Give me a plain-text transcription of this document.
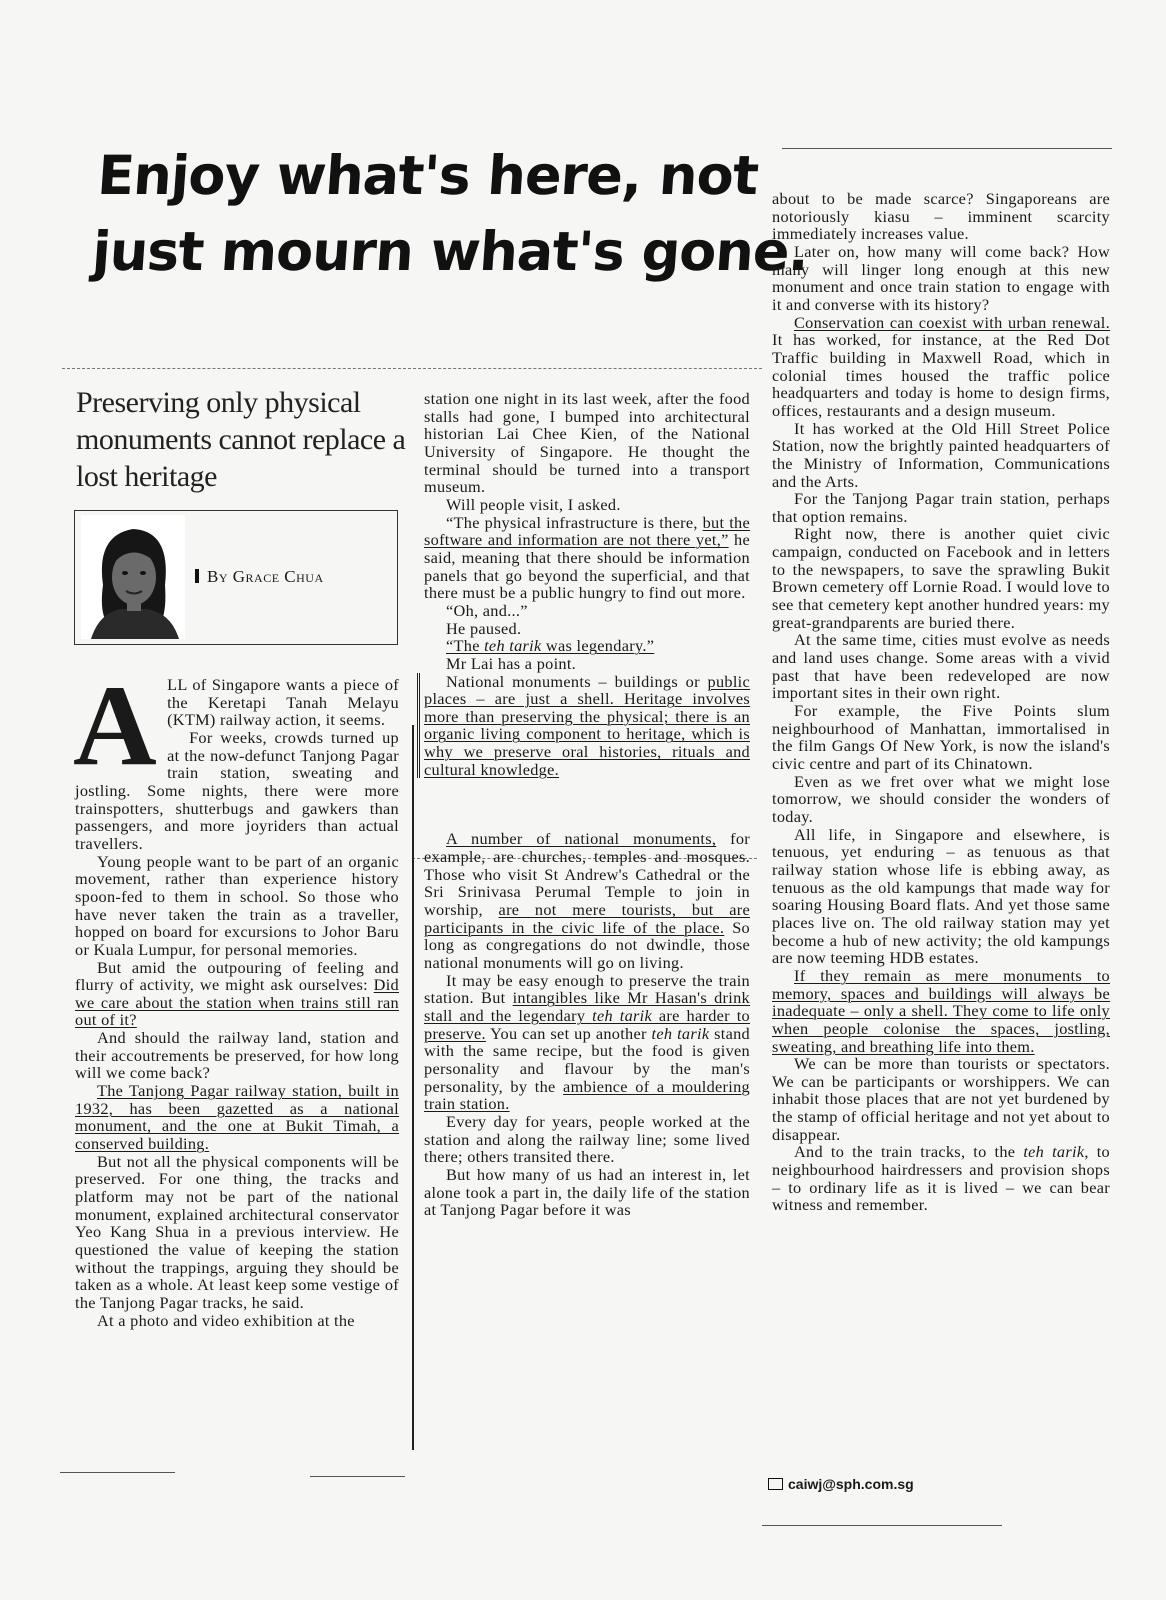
Enjoy what's here, not
just mourn what's gone.
Preserving only physical monuments cannot replace a lost heritage
By Grace Chua

ALL of Singapore wants a piece of the Keretapi Tanah Melayu (KTM) railway action, it seems.

For weeks, crowds turned up at the now-defunct Tanjong Pagar train station, sweating and jostling. Some nights, there were more trainspotters, shutterbugs and gawkers than passengers, and more joyriders than actual travellers.

Young people want to be part of an organic movement, rather than experience history spoon-fed to them in school. So those who have never taken the train as a traveller, hopped on board for excursions to Johor Baru or Kuala Lumpur, for personal memories.

But amid the outpouring of feeling and flurry of activity, we might ask ourselves: Did we care about the station when trains still ran out of it?

And should the railway land, station and their accoutrements be preserved, for how long will we come back?

The Tanjong Pagar railway station, built in 1932, has been gazetted as a national monument, and the one at Bukit Timah, a conserved building.

But not all the physical components will be preserved. For one thing, the tracks and platform may not be part of the national monument, explained architectural conservator Yeo Kang Shua in a previous interview. He questioned the value of keeping the station without the trappings, arguing they should be taken as a whole. At least keep some vestige of the Tanjong Pagar tracks, he said.

At a photo and video exhibition at the

station one night in its last week, after the food stalls had gone, I bumped into architectural historian Lai Chee Kien, of the National University of Singapore. He thought the terminal should be turned into a transport museum.

Will people visit, I asked.

“The physical infrastructure is there, but the software and information are not there yet,” he said, meaning that there should be information panels that go beyond the superficial, and that there must be a public hungry to find out more.

“Oh, and...”

He paused.

“The teh tarik was legendary.”

Mr Lai has a point.

National monuments – buildings or public places – are just a shell. Heritage involves more than preserving the physical; there is an organic living component to heritage, which is why we preserve oral histories, rituals and cultural knowledge.

A number of national monuments, for example, are churches, temples and mosques. Those who visit St Andrew's Cathedral or the Sri Srinivasa Perumal Temple to join in worship, are not mere tourists, but are participants in the civic life of the place. So long as congregations do not dwindle, those national monuments will go on living.

It may be easy enough to preserve the train station. But intangibles like Mr Hasan's drink stall and the legendary teh tarik are harder to preserve. You can set up another teh tarik stand with the same recipe, but the food is given personality and flavour by the man's personality, by the ambience of a mouldering train station.

Every day for years, people worked at the station and along the railway line; some lived there; others transited there.

But how many of us had an interest in, let alone took a part in, the daily life of the station at Tanjong Pagar before it was

about to be made scarce? Singaporeans are notoriously kiasu – imminent scarcity immediately increases value.

Later on, how many will come back? How many will linger long enough at this new monument and once train station to engage with it and converse with its history?

Conservation can coexist with urban renewal. It has worked, for instance, at the Red Dot Traffic building in Maxwell Road, which in colonial times housed the traffic police headquarters and today is home to design firms, offices, restaurants and a design museum.

It has worked at the Old Hill Street Police Station, now the brightly painted headquarters of the Ministry of Information, Communications and the Arts.

For the Tanjong Pagar train station, perhaps that option remains.

Right now, there is another quiet civic campaign, conducted on Facebook and in letters to the newspapers, to save the sprawling Bukit Brown cemetery off Lornie Road. I would love to see that cemetery kept another hundred years: my great-grandparents are buried there.

At the same time, cities must evolve as needs and land uses change. Some areas with a vivid past that have been redeveloped are now important sites in their own right.

For example, the Five Points slum neighbourhood of Manhattan, immortalised in the film Gangs Of New York, is now the island's civic centre and part of its Chinatown.

Even as we fret over what we might lose tomorrow, we should consider the wonders of today.

All life, in Singapore and elsewhere, is tenuous, yet enduring – as tenuous as that railway station whose life is ebbing away, as tenuous as the old kampungs that made way for soaring Housing Board flats. And yet those same places live on. The old railway station may yet become a hub of new activity; the old kampungs are now teeming HDB estates.

If they remain as mere monuments to memory, spaces and buildings will always be inadequate – only a shell. They come to life only when people colonise the spaces, jostling, sweating, and breathing life into them.

We can be more than tourists or spectators. We can be participants or worshippers. We can inhabit those places that are not yet burdened by the stamp of official heritage and not yet about to disappear.

And to the train tracks, to the teh tarik, to neighbourhood hairdressers and provision shops – to ordinary life as it is lived – we can bear witness and remember.

caiwj@sph.com.sg
